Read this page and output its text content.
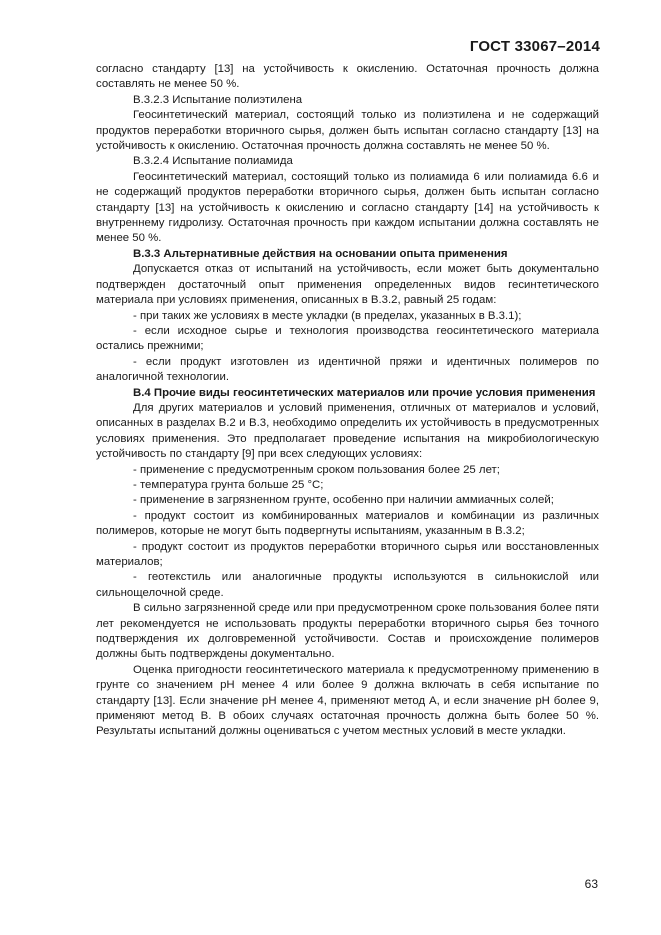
ГОСТ 33067–2014

согласно стандарту [13] на устойчивость к окислению. Остаточная прочность должна составлять не менее 50 %.

В.3.2.3 Испытание полиэтилена

Геосинтетический материал, состоящий только из полиэтилена и не содержащий продуктов переработки вторичного сырья, должен быть испытан согласно стандарту [13] на устойчивость к окислению. Остаточная прочность должна составлять не менее 50 %.

В.3.2.4 Испытание полиамида

Геосинтетический материал, состоящий только из полиамида 6 или полиамида 6.6 и не содержащий продуктов переработки вторичного сырья, должен быть испытан согласно стандарту [13] на устойчивость к окислению и согласно стандарту [14] на устойчивость к внутреннему гидролизу. Остаточная прочность при каждом испытании должна составлять не менее 50 %.

В.3.3 Альтернативные действия на основании опыта применения

Допускается отказ от испытаний на устойчивость, если может быть документально подтвержден достаточный опыт применения определенных видов гесинтетического материала при условиях применения, описанных в В.3.2, равный 25 годам:

- при таких же условиях в месте укладки (в пределах, указанных в В.3.1);

- если исходное сырье и технология производства геосинтетического материала остались прежними;

- если продукт изготовлен из идентичной пряжи и идентичных полимеров по аналогичной технологии.

В.4 Прочие виды геосинтетических материалов или прочие условия применения

Для других материалов и условий применения, отличных от материалов и условий, описанных в разделах В.2 и В.3, необходимо определить их устойчивость в предусмотренных условиях применения. Это предполагает проведение испытания на микробиологическую устойчивость по стандарту [9] при всех следующих условиях:

- применение с предусмотренным сроком пользования более 25 лет;

- температура грунта больше 25 °С;

- применение в загрязненном грунте, особенно при наличии аммиачных солей;

- продукт состоит из комбинированных материалов и комбинации из различных полимеров, которые не могут быть подвергнуты испытаниям, указанным в В.3.2;

- продукт состоит из продуктов переработки вторичного сырья или восстановленных материалов;

- геотекстиль или аналогичные продукты используются в сильнокислой или сильнощелочной среде.

В сильно загрязненной среде или при предусмотренном сроке пользования более пяти лет рекомендуется не использовать продукты переработки вторичного сырья без точного подтверждения их долговременной устойчивости. Состав и происхождение полимеров должны быть подтверждены документально.

Оценка пригодности геосинтетического материала к предусмотренному применению в грунте со значением рН менее 4 или более 9 должна включать в себя испытание по стандарту [13]. Если значение рН менее 4, применяют метод А, и если значение рН более 9, применяют метод В. В обоих случаях остаточная прочность должна быть более 50 %. Результаты испытаний должны оцениваться с учетом местных условий в месте укладки.

63
